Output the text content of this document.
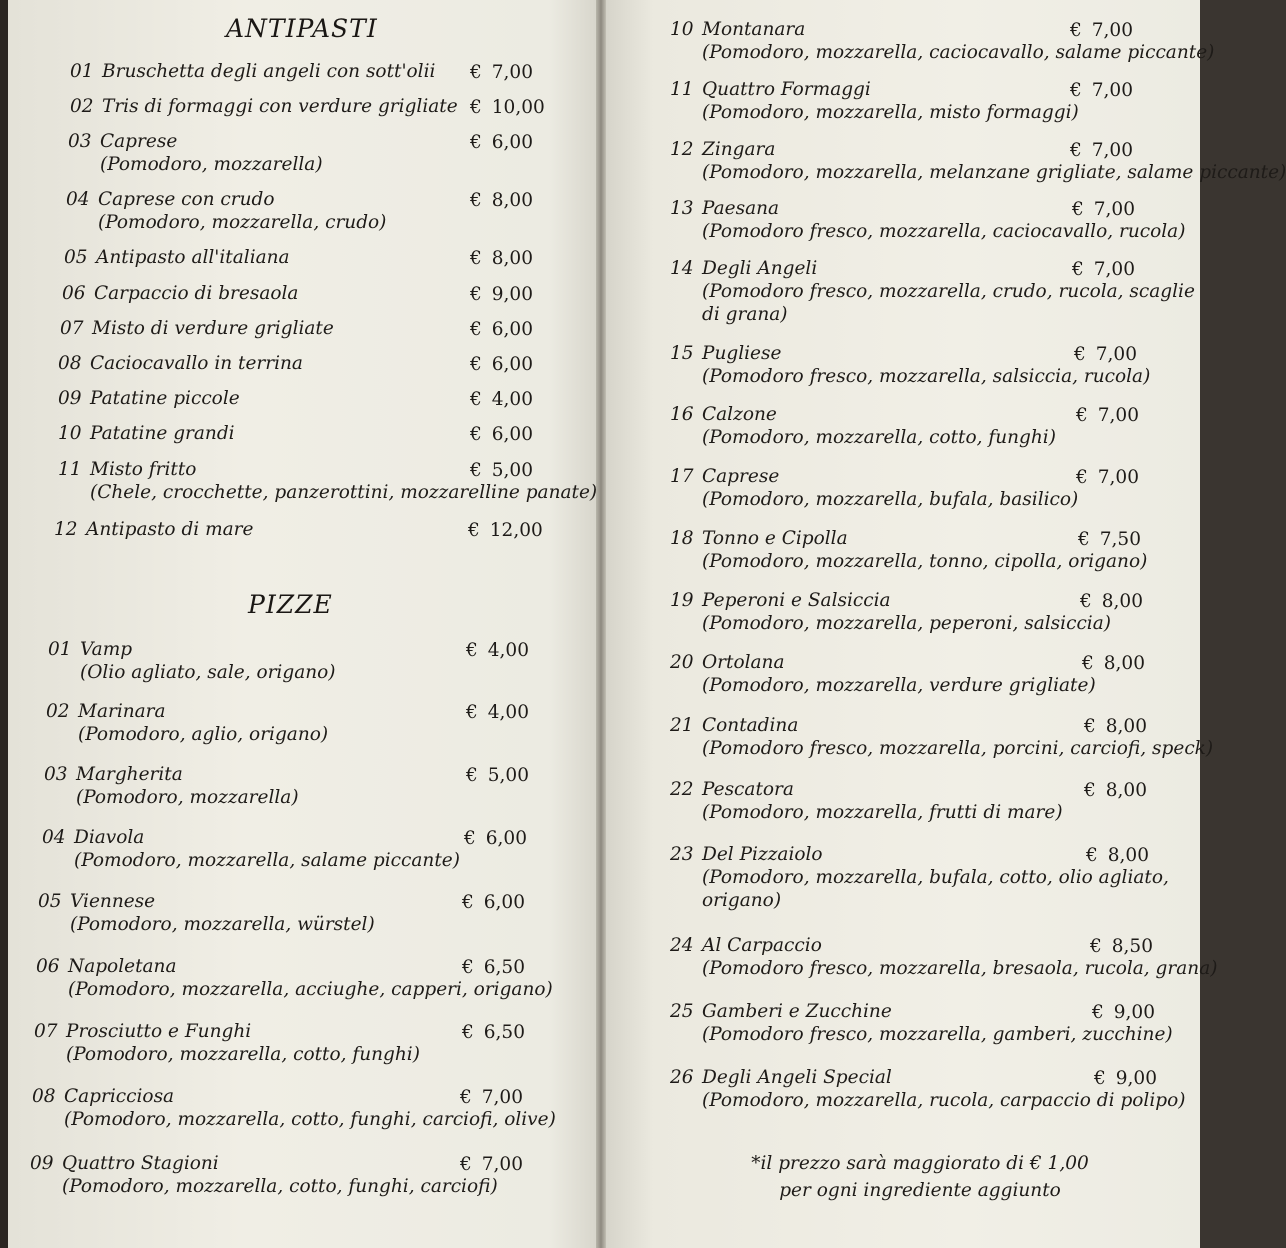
ANTIPASTI
PIZZE
01 Bruschetta degli angeli con sott'olii € 7,00
02 Tris di formaggi con verdure grigliate € 10,00
03 Caprese
(Pomodoro, mozzarella)
€ 6,00
04 Caprese con crudo
(Pomodoro, mozzarella, crudo)
€ 8,00
05 Antipasto all'italiana	€ 8,00
06 Carpaccio di bresaola	€ 9,00
07 Misto di verdure grigliate	€ 6,00
08 Caciocavallo in terrina	€ 6,00
09 Patatine piccole	€ 4,00
10 Patatine grandi	€ 6,00
11 Misto fritto
(Chele, crocchette, panzerottini, mozzarelline panate)
€ 5,00
12 Antipasto di mare	€ 12,00
01 Vamp
(Olio agliato, sale, origano)
€ 4,00
02 Marinara
(Pomodoro, aglio, origano)
€ 4,00
03 Margherita
(Pomodoro, mozzarella)
€ 5,00
04 Diavola
(Pomodoro, mozzarella, salame piccante)
€ 6,00
05 Viennese
(Pomodoro, mozzarella, würstel)
€ 6,00
06 Napoletana
(Pomodoro, mozzarella, acciughe, capperi, origano)
€ 6,50
07 Prosciutto e Funghi
(Pomodoro, mozzarella, cotto, funghi)
€ 6,50
08 Capricciosa
(Pomodoro, mozzarella, cotto, funghi, carciofi, olive)
€ 7,00
09 Quattro Stagioni
(Pomodoro, mozzarella, cotto, funghi, carciofi)
€ 7,00
10 Montanara
(Pomodoro, mozzarella, caciocavallo, salame piccante)
€ 7,00
11 Quattro Formaggi
(Pomodoro, mozzarella, misto formaggi)
€ 7,00
12 Zingara
(Pomodoro, mozzarella, melanzane grigliate, salame piccante)
€ 7,00
13 Paesana
(Pomodoro fresco, mozzarella, caciocavallo, rucola)
€ 7,00
14 Degli Angeli
(Pomodoro fresco, mozzarella, crudo, rucola, scaglie
di grana)
€ 7,00
15 Pugliese
(Pomodoro fresco, mozzarella, salsiccia, rucola)
€ 7,00
16 Calzone
(Pomodoro, mozzarella, cotto, funghi)
€ 7,00
17 Caprese
(Pomodoro, mozzarella, bufala, basilico)
€ 7,00
18 Tonno e Cipolla
(Pomodoro, mozzarella, tonno, cipolla, origano)
€ 7,50
19 Peperoni e Salsiccia
(Pomodoro, mozzarella, peperoni, salsiccia)
€ 8,00
20 Ortolana
(Pomodoro, mozzarella, verdure grigliate)
€ 8,00
21 Contadina
(Pomodoro fresco, mozzarella, porcini, carciofi, speck)
€ 8,00
22 Pescatora
(Pomodoro, mozzarella, frutti di mare)
€ 8,00
23 Del Pizzaiolo
(Pomodoro, mozzarella, bufala, cotto, olio agliato,
origano)
€ 8,00
24 Al Carpaccio
(Pomodoro fresco, mozzarella, bresaola, rucola, grana)
€ 8,50
25 Gamberi e Zucchine
(Pomodoro fresco, mozzarella, gamberi, zucchine)
€ 9,00
26 Degli Angeli Special
(Pomodoro, mozzarella, rucola, carpaccio di polipo)
€ 9,00
*il prezzo sarà maggiorato di € 1,00
per ogni ingrediente aggiunto
